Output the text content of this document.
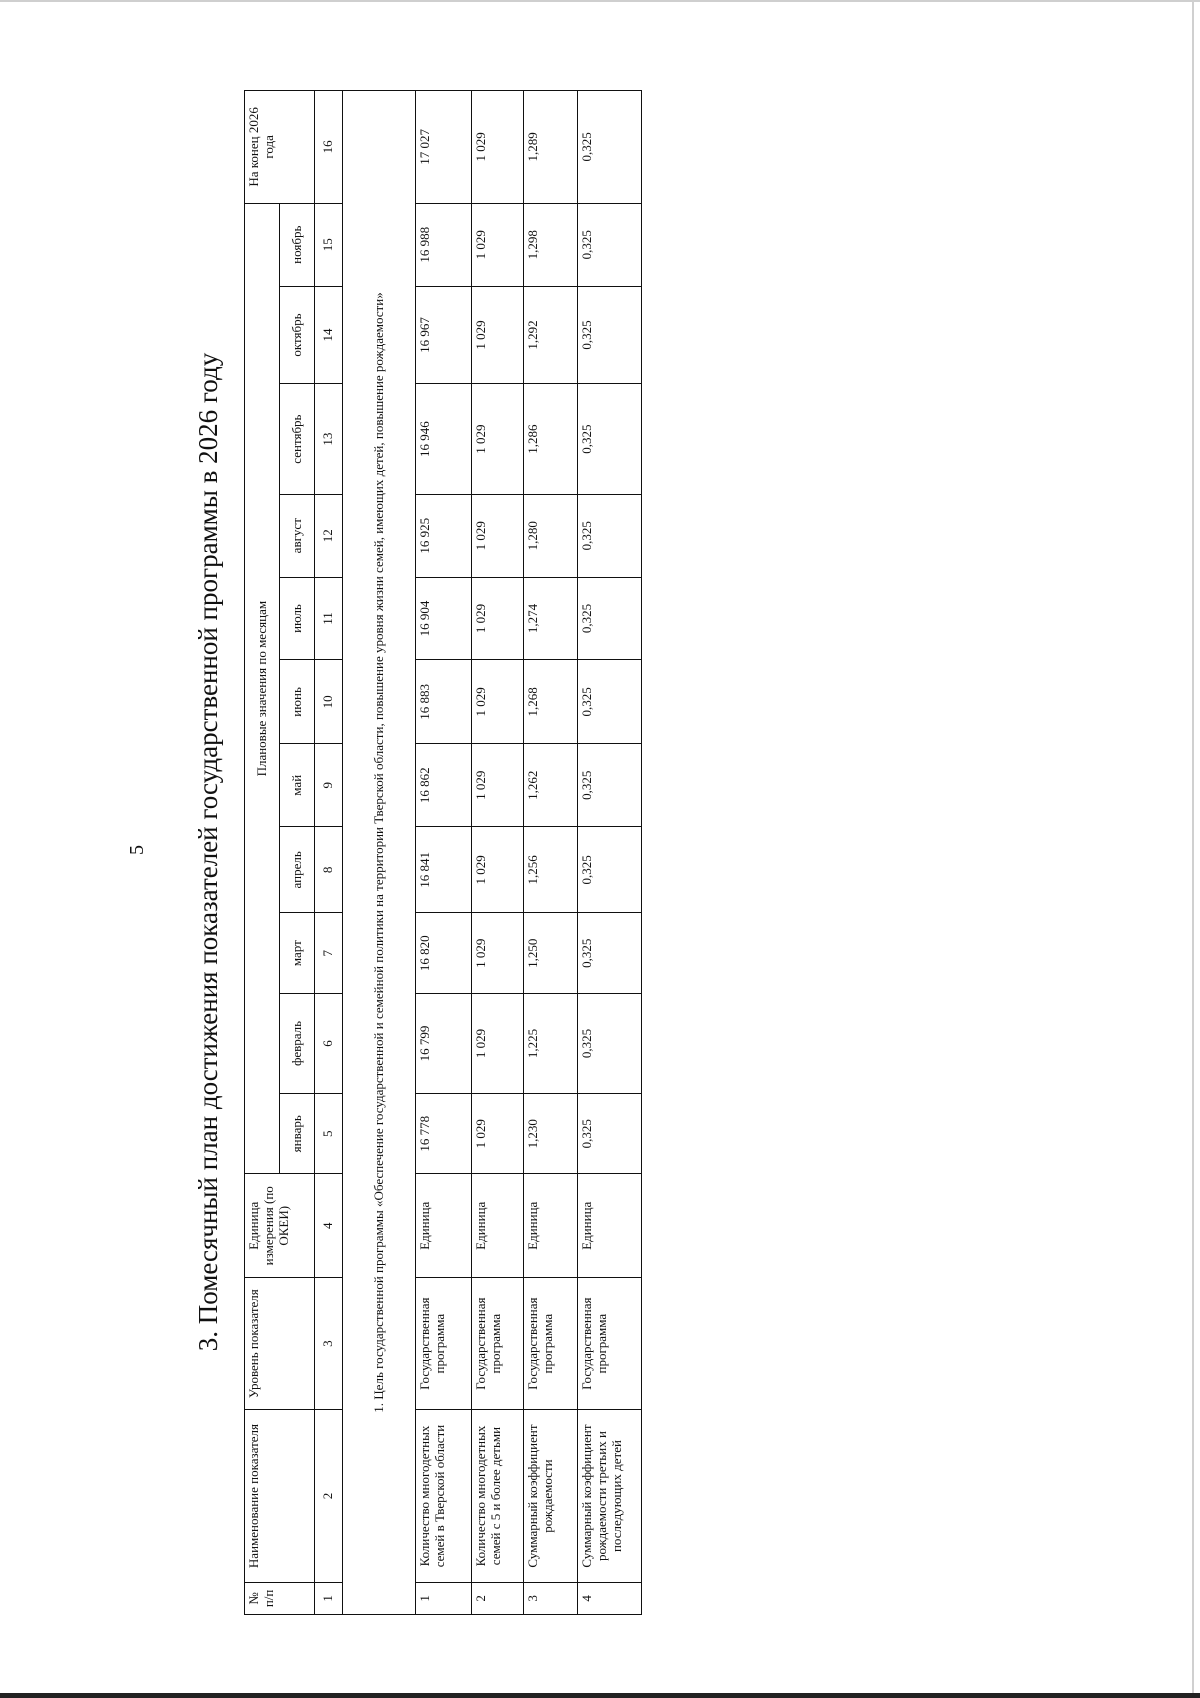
5 3. Помесячный план достижения показателей государственной программы в 2026 году
№ п/п	Наименование показателя	Уровень показателя	Единица измерения (по ОКЕИ)	Плановые значения по месяцам											На конец 2026 года
				январь	февраль	март	апрель	май	июнь	июль	август	сентябрь	октябрь	ноябрь	
1	2	3	4	5	6	7	8	9	10	11	12	13	14	15	16
1. Цель государственной программы «Обеспечение государственной и семейной политики на территории Тверской области, повышение уровня жизни семей, имеющих детей, повышение рождаемости»															
1	Количество многодетных семей в Тверской области	Государственная программа	Единица	16 778	16 799	16 820	16 841	16 862	16 883	16 904	16 925	16 946	16 967	16 988	17 027
2	Количество многодетных семей с 5 и более детьми	Государственная программа	Единица	1 029	1 029	1 029	1 029	1 029	1 029	1 029	1 029	1 029	1 029	1 029	1 029
3	Суммарный коэффициент рождаемости	Государственная программа	Единица	1,230	1,225	1,250	1,256	1,262	1,268	1,274	1,280	1,286	1,292	1,298	1,289
4	Суммарный коэффициент рождаемости третьих и последующих детей	Государственная программа	Единица	0,325	0,325	0,325	0,325	0,325	0,325	0,325	0,325	0,325	0,325	0,325	0,325
